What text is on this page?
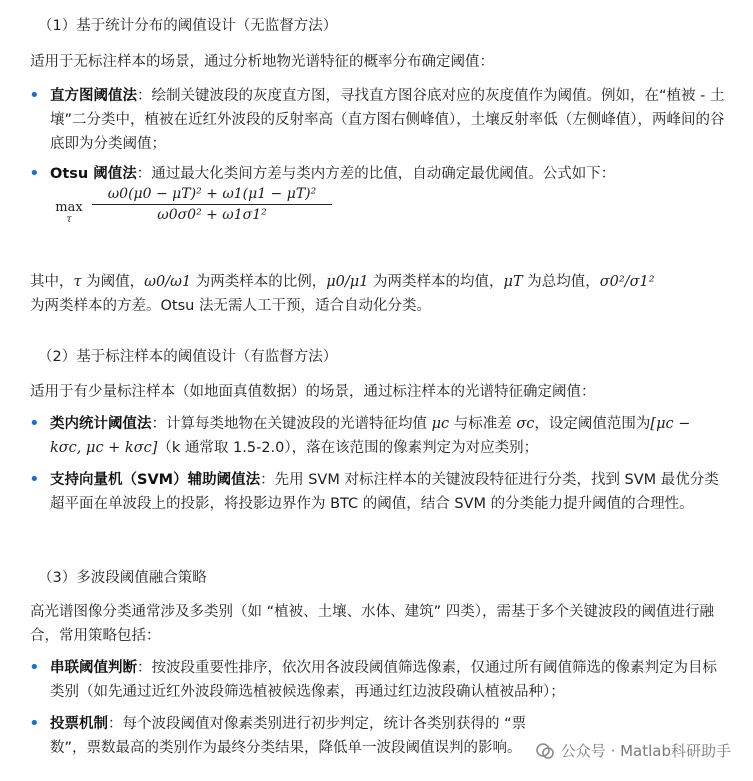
（1）基于统计分布的阈值设计（无监督方法）

适用于无标注样本的场景，通过分析地物光谱特征的概率分布确定阈值：

• 直方图阈值法：绘制关键波段的灰度直方图，寻找直方图谷底对应的灰度值作为阈值。例如，在“植被 - 土壤”二分类中，植被在近红外波段的反射率高（直方图右侧峰值），土壤反射率低（左侧峰值），两峰间的谷底即为分类阈值；

• Otsu 阈值法：通过最大化类间方差与类内方差的比值，自动确定最优阈值。公式如下：

max
τ
ω0(μ0 − μT)² + ω1(μ1 − μT)²
ω0σ0² + ω1σ1²

其中，τ 为阈值，ω0/ω1 为两类样本的比例，μ0/μ1 为两类样本的均值，μT 为总均值，σ0²/σ1²
为两类样本的方差。Otsu 法无需人工干预，适合自动化分类。

（2）基于标注样本的阈值设计（有监督方法）

适用于有少量标注样本（如地面真值数据）的场景，通过标注样本的光谱特征确定阈值：

• 类内统计阈值法：计算每类地物在关键波段的光谱特征均值 μc 与标准差 σc，设定阈值范围为[μc − kσc, μc + kσc]（k 通常取 1.5-2.0），落在该范围的像素判定为对应类别；

• 支持向量机（SVM）辅助阈值法：先用 SVM 对标注样本的关键波段特征进行分类，找到 SVM 最优分类超平面在单波段上的投影，将投影边界作为 BTC 的阈值，结合 SVM 的分类能力提升阈值的合理性。

（3）多波段阈值融合策略

高光谱图像分类通常涉及多类别（如 “植被、土壤、水体、建筑” 四类），需基于多个关键波段的阈值进行融合，常用策略包括：

• 串联阈值判断：按波段重要性排序，依次用各波段阈值筛选像素，仅通过所有阈值筛选的像素判定为目标类别（如先通过近红外波段筛选植被候选像素，再通过红边波段确认植被品种）；

• 投票机制：每个波段阈值对像素类别进行初步判定，统计各类别获得的 “票数”，票数最高的类别作为最终分类结果，降低单一波段阈值误判的影响。	公众号 · Matlab科研助手
